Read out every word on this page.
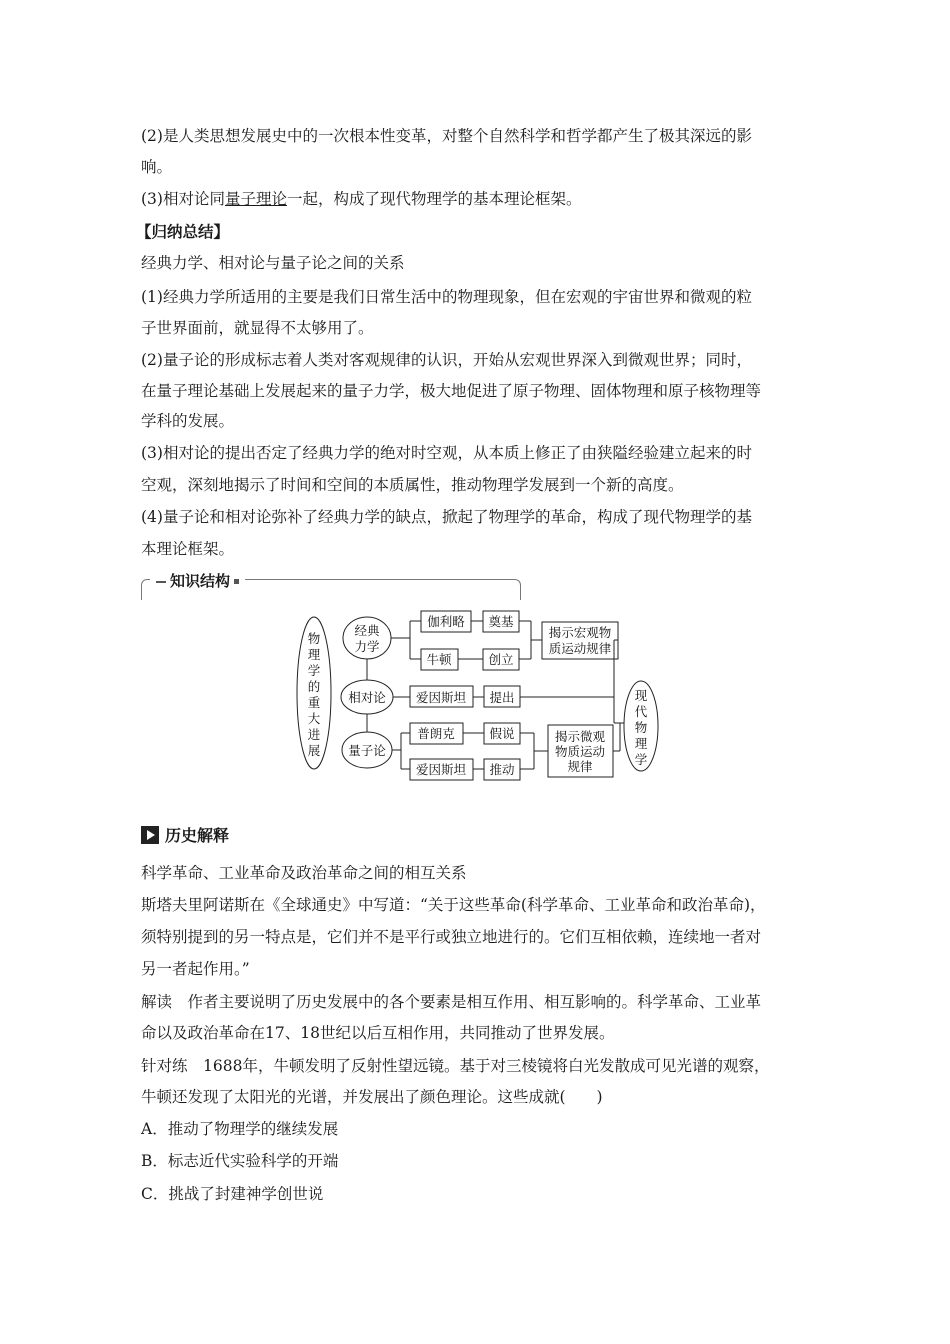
(2)是人类思想发展史中的一次根本性变革，对整个自然科学和哲学都产生了极其深远的影
响。
(3)相对论同量子理论一起，构成了现代物理学的基本理论框架。
【归纳总结】
经典力学、相对论与量子论之间的关系
(1)经典力学所适用的主要是我们日常生活中的物理现象，但在宏观的宇宙世界和微观的粒
子世界面前，就显得不太够用了。
(2)量子论的形成标志着人类对客观规律的认识，开始从宏观世界深入到微观世界；同时，
在量子理论基础上发展起来的量子力学，极大地促进了原子物理、固体物理和原子核物理等
学科的发展。
(3)相对论的提出否定了经典力学的绝对时空观，从本质上修正了由狭隘经验建立起来的时
空观，深刻地揭示了时间和空间的本质属性，推动物理学发展到一个新的高度。
(4)量子论和相对论弥补了经典力学的缺点，掀起了物理学的革命，构成了现代物理学的基
本理论框架。
知识结构
物
理
学
的
重
大
进
展
经典
力学
相对论
量子论
伽利略
牛顿
奠基
创立
揭示宏观物
质运动规律
爱因斯坦 提出
普朗克	假说
爱因斯坦 推动
揭示微观
物质运动
规律
现
代
物
理
学
历史解释
科学革命、工业革命及政治革命之间的相互关系
斯塔夫里阿诺斯在《全球通史》中写道：“关于这些革命(科学革命、工业革命和政治革命)，
须特别提到的另一特点是，它们并不是平行或独立地进行的。它们互相依赖，连续地一者对
另一者起作用。”
解读　作者主要说明了历史发展中的各个要素是相互作用、相互影响的。科学革命、工业革
命以及政治革命在17、18世纪以后互相作用，共同推动了世界发展。
针对练　1688年，牛顿发明了反射性望远镜。基于对三棱镜将白光发散成可见光谱的观察，
牛顿还发现了太阳光的光谱，并发展出了颜色理论。这些成就(　　)
A．推动了物理学的继续发展
B．标志近代实验科学的开端
C．挑战了封建神学创世说
